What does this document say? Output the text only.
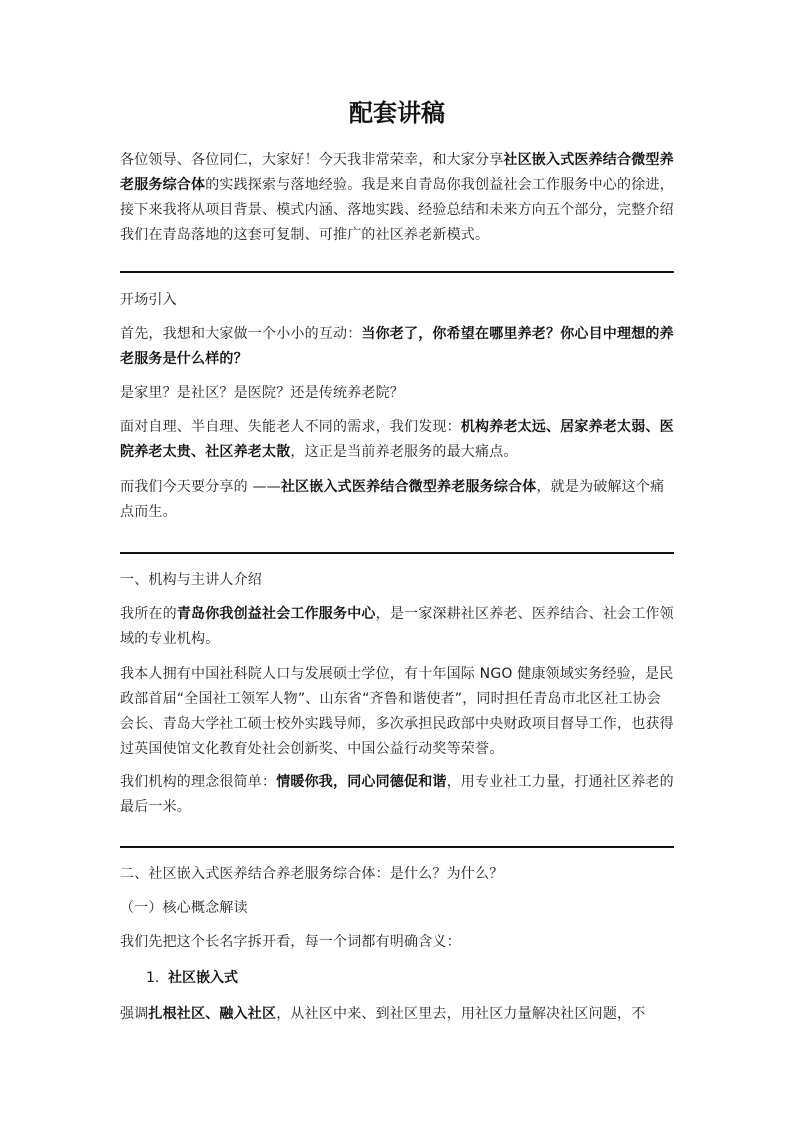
配套讲稿

各位领导、各位同仁，大家好！今天我非常荣幸，和大家分享社区嵌入式医养结合微型养老服务综合体的实践探索与落地经验。我是来自青岛你我创益社会工作服务中心的徐进，接下来我将从项目背景、模式内涵、落地实践、经验总结和未来方向五个部分，完整介绍我们在青岛落地的这套可复制、可推广的社区养老新模式。

开场引入

首先，我想和大家做一个小小的互动：当你老了，你希望在哪里养老？你心目中理想的养老服务是什么样的？

是家里？是社区？是医院？还是传统养老院？

面对自理、半自理、失能老人不同的需求，我们发现：机构养老太远、居家养老太弱、医院养老太贵、社区养老太散，这正是当前养老服务的最大痛点。

而我们今天要分享的 ——社区嵌入式医养结合微型养老服务综合体，就是为破解这个痛点而生。

一、机构与主讲人介绍

我所在的青岛你我创益社会工作服务中心，是一家深耕社区养老、医养结合、社会工作领域的专业机构。

我本人拥有中国社科院人口与发展硕士学位，有十年国际 NGO 健康领域实务经验，是民政部首届“全国社工领军人物”、山东省“齐鲁和谐使者”，同时担任青岛市北区社工协会会长、青岛大学社工硕士校外实践导师，多次承担民政部中央财政项目督导工作，也获得过英国使馆文化教育处社会创新奖、中国公益行动奖等荣誉。

我们机构的理念很简单：情暖你我，同心同德促和谐，用专业社工力量，打通社区养老的最后一米。

二、社区嵌入式医养结合养老服务综合体：是什么？为什么？

（一）核心概念解读

我们先把这个长名字拆开看，每一个词都有明确含义：

1. 社区嵌入式

强调扎根社区、融入社区，从社区中来、到社区里去，用社区力量解决社区问题，不
